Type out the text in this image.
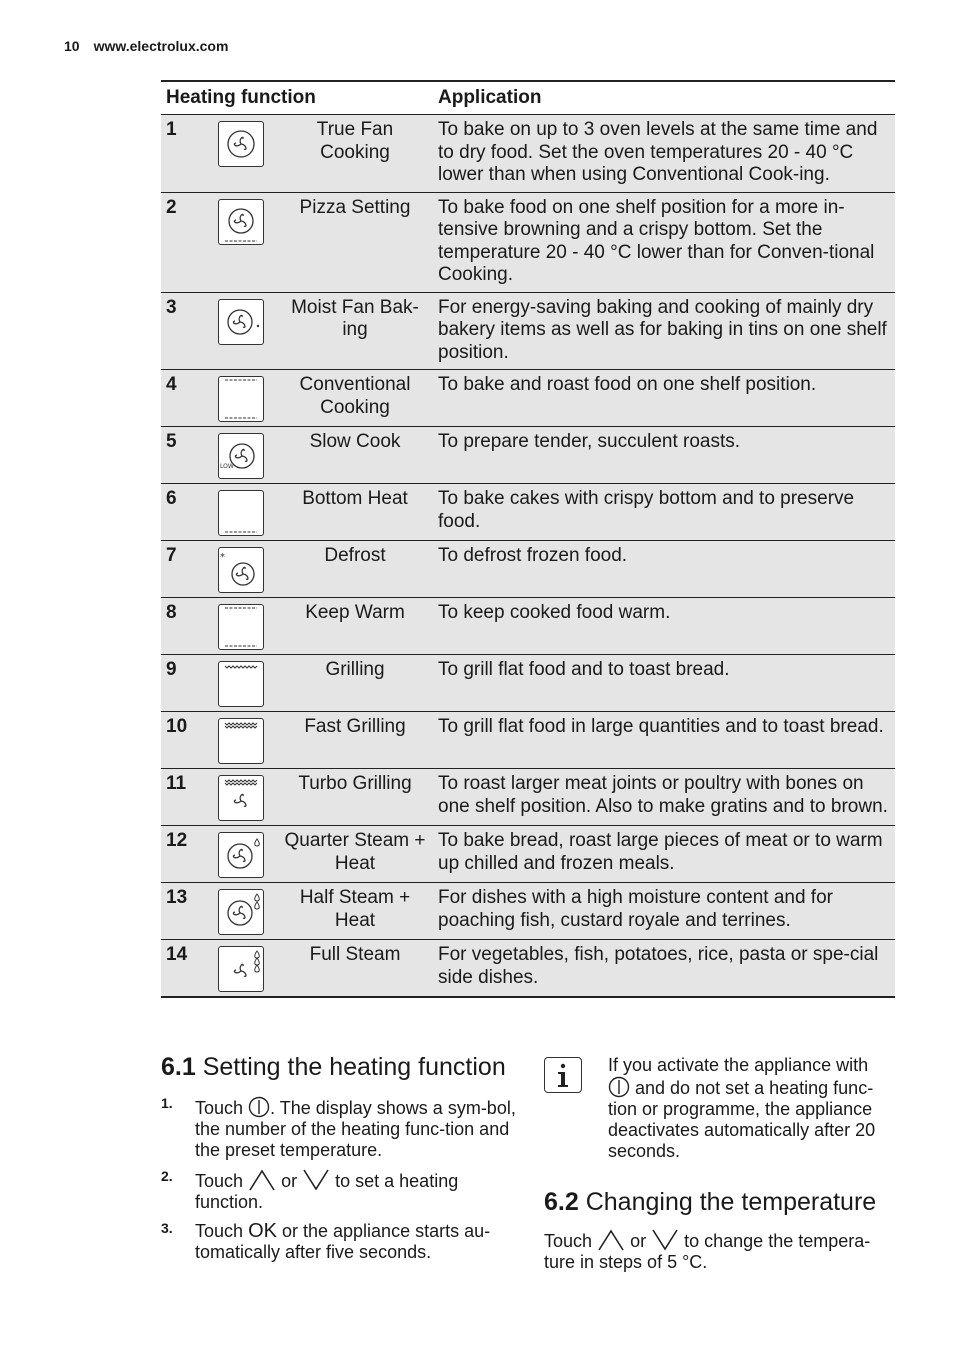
10 www.electrolux.com
Heating function			Application
1		True Fan Cooking	To bake on up to 3 oven levels at the same time and to dry food. Set the oven temperatures 20 - 40 °C lower than when using Conventional Cook-ing.
2		Pizza Setting	To bake food on one shelf position for a more in-tensive browning and a crispy bottom. Set the temperature 20 - 40 °C lower than for Conven-tional Cooking.
3		Moist Fan Bak-ing	For energy-saving baking and cooking of mainly dry bakery items as well as for baking in tins on one shelf position.
4		Conventional Cooking	To bake and roast food on one shelf position.
5	LOW	Slow Cook	To prepare tender, succulent roasts.
6		Bottom Heat	To bake cakes with crispy bottom and to preserve food.
7	*	Defrost	To defrost frozen food.
8		Keep Warm	To keep cooked food warm.
9		Grilling	To grill flat food and to toast bread.
10		Fast Grilling	To grill flat food in large quantities and to toast bread.
11		Turbo Grilling	To roast larger meat joints or poultry with bones on one shelf position. Also to make gratins and to brown.
12		Quarter Steam + Heat	To bake bread, roast large pieces of meat or to warm up chilled and frozen meals.
13		Half Steam + Heat	For dishes with a high moisture content and for poaching fish, custard royale and terrines.
14		Full Steam	For vegetables, fish, potatoes, rice, pasta or spe-cial side dishes.
6.1 Setting the heating function
1. Touch . The display shows a sym-bol, the number of the heating func-tion and the preset temperature.
2. Touch or to set a heating function.
3. Touch OK or the appliance starts au-tomatically after five seconds.

If you activate the appliance with  and do not set a heating func-tion or programme, the appliance deactivates automatically after 20 seconds.

6.2 Changing the temperature

Touch or to change the tempera-ture in steps of 5 °C.
